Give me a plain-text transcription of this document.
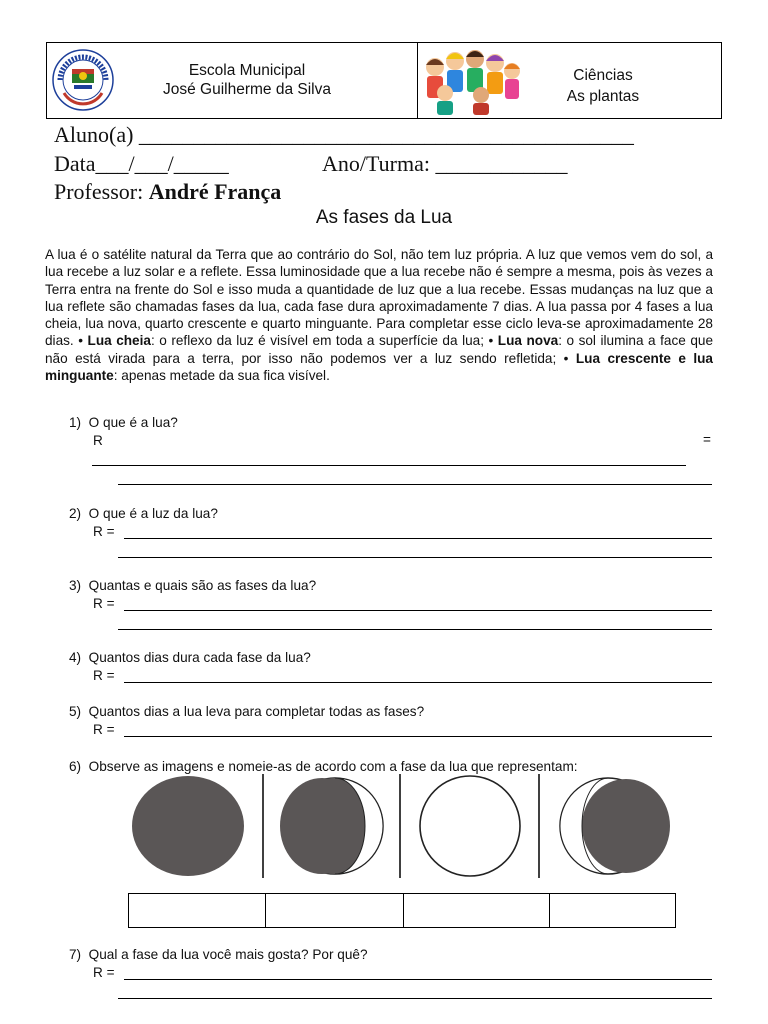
Escola Municipal
José Guilherme da Silva
Ciências
As plantas
Aluno(a) _____________________________________________
Data___/___/_____	Ano/Turma: ____________
Professor: André França
As fases da Lua
A lua é o satélite natural da Terra que ao contrário do Sol, não tem luz própria. A luz que vemos vem do sol, a lua recebe a luz solar e a reflete. Essa luminosidade que a lua recebe não é sempre a mesma, pois às vezes a Terra entra na frente do Sol e isso muda a quantidade de luz que a lua recebe. Essas mudanças na luz que a lua reflete são chamadas fases da lua, cada fase dura aproximadamente 7 dias. A lua passa por 4 fases a lua cheia, lua nova, quarto crescente e quarto minguante. Para completar esse ciclo leva-se aproximadamente 28 dias. • Lua cheia: o reflexo da luz é visível em toda a superfície da lua; • Lua nova: o sol ilumina a face que não está virada para a terra, por isso não podemos ver a luz sendo refletida; • Lua crescente e lua minguante: apenas metade da sua fica visível.
1) O que é a lua?
R	=
2) O que é a luz da lua?
R =
3) Quantas e quais são as fases da lua?
R =
4) Quantos dias dura cada fase da lua?
R =
5) Quantos dias a lua leva para completar todas as fases?
R =
6) Observe as imagens e nomeie-as de acordo com a fase da lua que representam:
7) Qual a fase da lua você mais gosta? Por quê?
R =
